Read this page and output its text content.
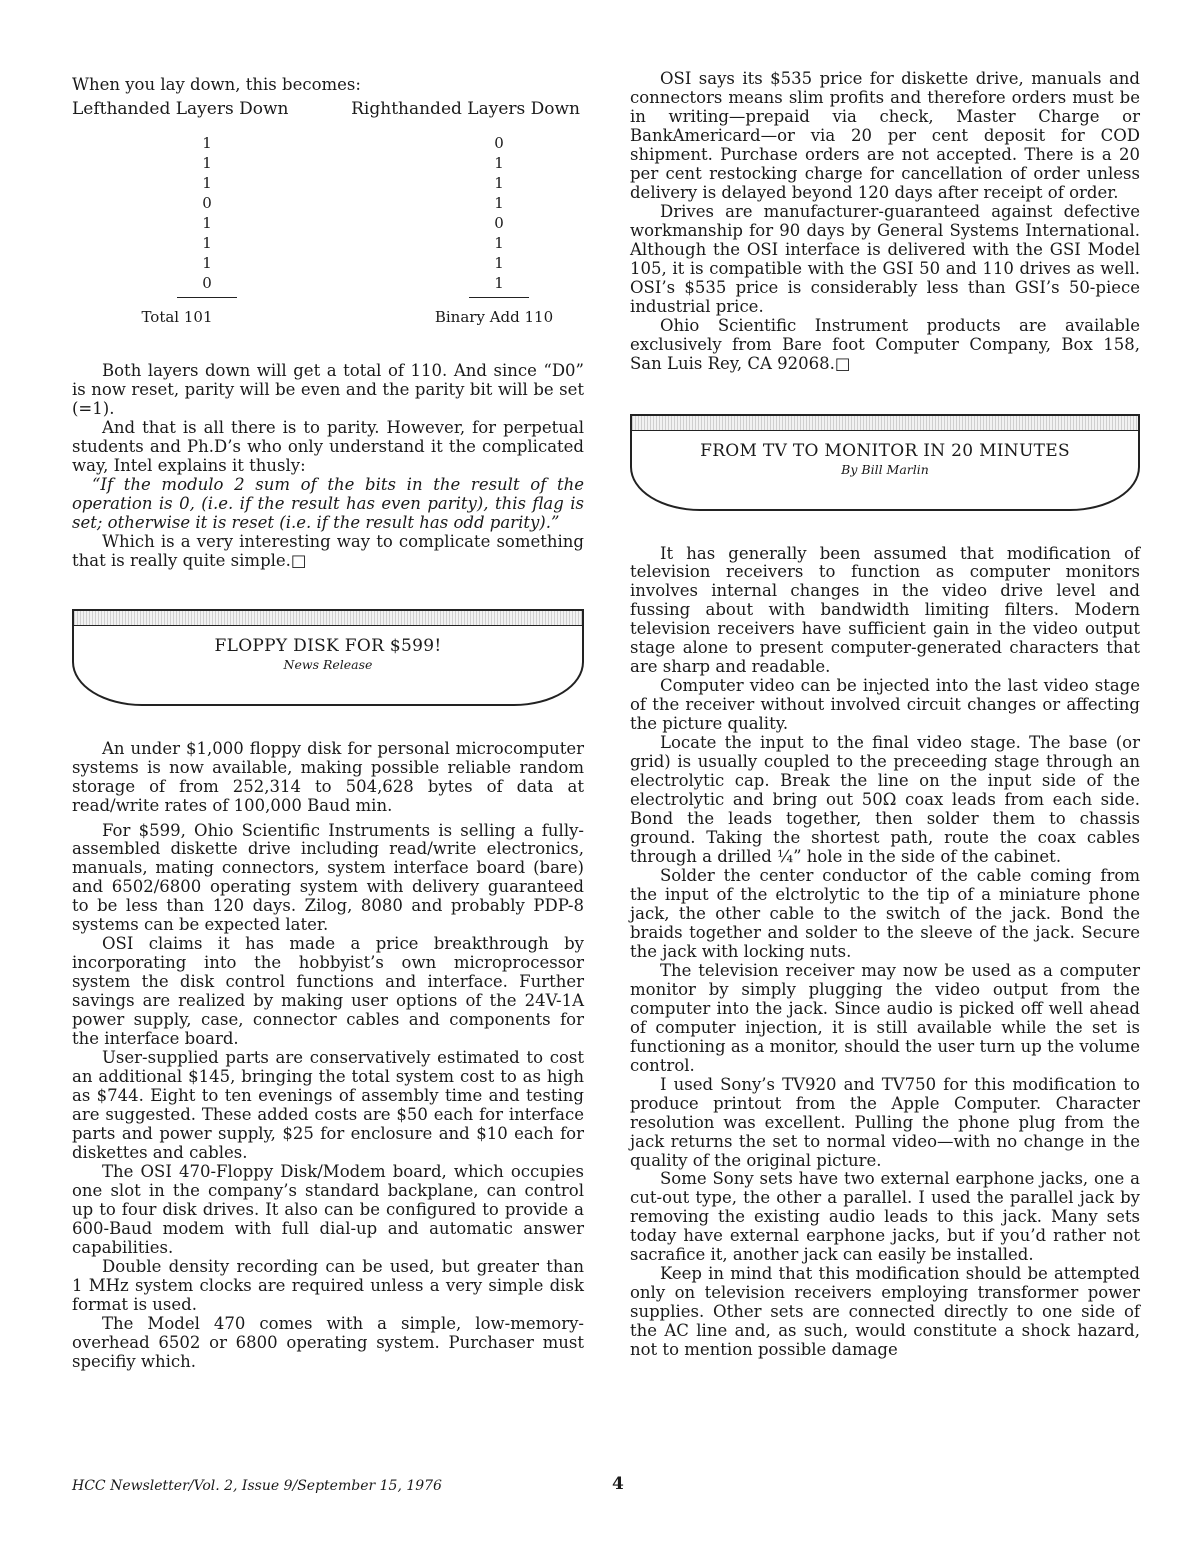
When you lay down, this becomes:

Lefthanded Layers Down	Righthanded Layers Down
1
1
1
0
1
1
1
0
Total 101
0
1
1
1
0
1
1
1
Binary Add 110

Both layers down will get a total of 110. And since “D0” is now reset, parity will be even and the parity bit will be set (=1).

And that is all there is to parity. However, for perpetual students and Ph.D’s who only understand it the complicated way, Intel explains it thusly:

“If the modulo 2 sum of the bits in the result of the operation is 0, (i.e. if the result has even parity), this flag is set; otherwise it is reset (i.e. if the result has odd parity).”

Which is a very interesting way to complicate something that is really quite simple.□

FLOPPY DISK FOR $599!
News Release

An under $1,000 floppy disk for personal microcomputer systems is now available, making possible reliable random storage of from 252,314 to 504,628 bytes of data at read/write rates of 100,000 Baud min.

For $599, Ohio Scientific Instruments is selling a fully-assembled diskette drive including read/write electronics, manuals, mating connectors, system interface board (bare) and 6502/6800 operating system with delivery guaranteed to be less than 120 days. Zilog, 8080 and probably PDP-8 systems can be expected later.

OSI claims it has made a price breakthrough by incorporating into the hobbyist’s own microprocessor system the disk control functions and interface. Further savings are realized by making user options of the 24V-1A power supply, case, connector cables and components for the interface board.

User-supplied parts are conservatively estimated to cost an additional $145, bringing the total system cost to as high as $744. Eight to ten evenings of assembly time and testing are suggested. These added costs are $50 each for interface parts and power supply, $25 for enclosure and $10 each for diskettes and cables.

The OSI 470-Floppy Disk/Modem board, which occupies one slot in the company’s standard backplane, can control up to four disk drives. It also can be configured to provide a 600-Baud modem with full dial-up and automatic answer capabilities.

Double density recording can be used, but greater than 1 MHz system clocks are required unless a very simple disk format is used.

The Model 470 comes with a simple, low-memory-overhead 6502 or 6800 operating system. Purchaser must specifiy which.

OSI says its $535 price for diskette drive, manuals and connectors means slim profits and therefore orders must be in writing—prepaid via check, Master Charge or BankAmericard—or via 20 per cent deposit for COD shipment. Purchase orders are not accepted. There is a 20 per cent restocking charge for cancellation of order unless delivery is delayed beyond 120 days after receipt of order.

Drives are manufacturer-guaranteed against defective workmanship for 90 days by General Systems International. Although the OSI interface is delivered with the GSI Model 105, it is compatible with the GSI 50 and 110 drives as well. OSI’s $535 price is considerably less than GSI’s 50-piece industrial price.

Ohio Scientific Instrument products are available exclusively from Bare foot Computer Company, Box 158, San Luis Rey, CA 92068.□

FROM TV TO MONITOR IN 20 MINUTES
By Bill Marlin

It has generally been assumed that modification of television receivers to function as computer monitors involves internal changes in the video drive level and fussing about with bandwidth limiting filters. Modern television receivers have sufficient gain in the video output stage alone to present computer-generated characters that are sharp and readable.

Computer video can be injected into the last video stage of the receiver without involved circuit changes or affecting the picture quality.

Locate the input to the final video stage. The base (or grid) is usually coupled to the preceeding stage through an electrolytic cap. Break the line on the input side of the electrolytic and bring out 50Ω coax leads from each side. Bond the leads together, then solder them to chassis ground. Taking the shortest path, route the coax cables through a drilled ¼” hole in the side of the cabinet.

Solder the center conductor of the cable coming from the input of the elctrolytic to the tip of a miniature phone jack, the other cable to the switch of the jack. Bond the braids together and solder to the sleeve of the jack. Secure the jack with locking nuts.

The television receiver may now be used as a computer monitor by simply plugging the video output from the computer into the jack. Since audio is picked off well ahead of computer injection, it is still available while the set is functioning as a monitor, should the user turn up the volume control.

I used Sony’s TV920 and TV750 for this modification to produce printout from the Apple Computer. Character resolution was excellent. Pulling the phone plug from the jack returns the set to normal video—with no change in the quality of the original picture.

Some Sony sets have two external earphone jacks, one a cut-out type, the other a parallel. I used the parallel jack by removing the existing audio leads to this jack. Many sets today have external earphone jacks, but if you’d rather not sacrafice it, another jack can easily be installed.

Keep in mind that this modification should be attempted only on television receivers employing transformer power supplies. Other sets are connected directly to one side of the AC line and, as such, would constitute a shock hazard, not to mention possible damage

HCC Newsletter/Vol. 2, Issue 9/September 15, 1976	4
